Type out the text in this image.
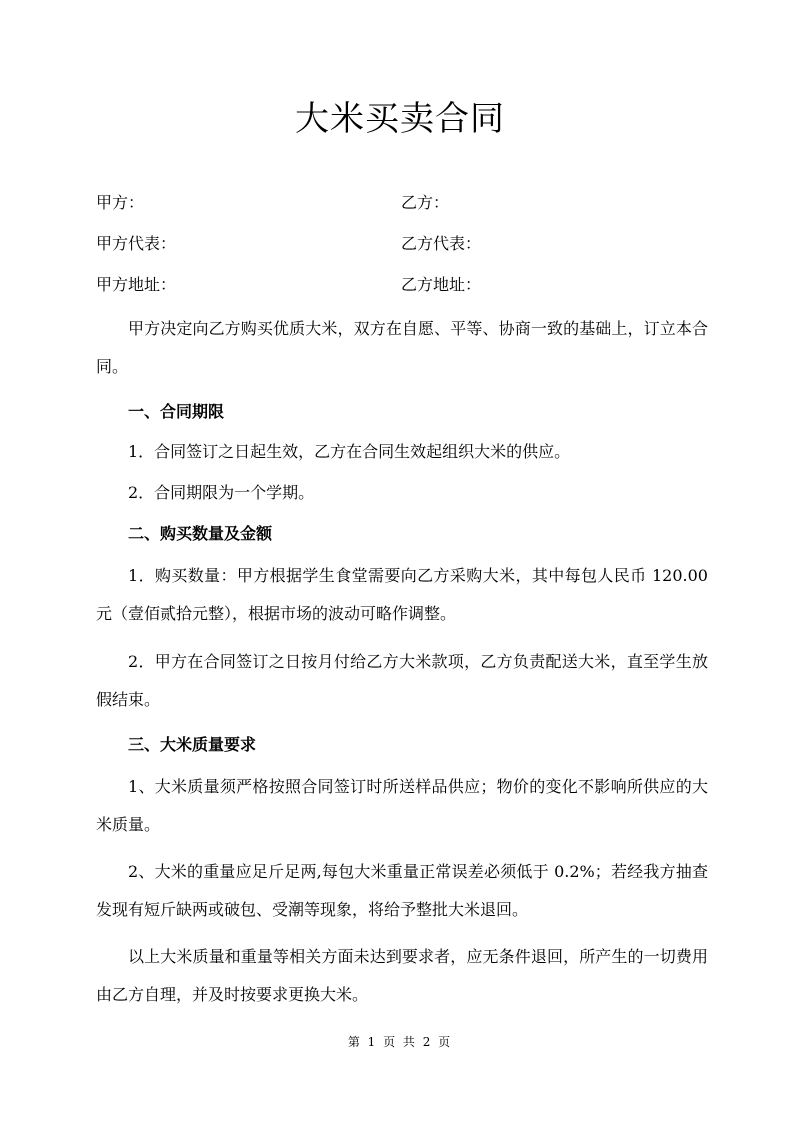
大米买卖合同
甲方：	乙方：
甲方代表：	乙方代表：
甲方地址：	乙方地址：

甲方决定向乙方购买优质大米，双方在自愿、平等、协商一致的基础上，订立本合同。

一、合同期限
1．合同签订之日起生效，乙方在合同生效起组织大米的供应。
2．合同期限为一个学期。
二、购买数量及金额

1．购买数量：甲方根据学生食堂需要向乙方采购大米，其中每包人民币 120.00 元（壹佰贰拾元整），根据市场的波动可略作调整。

2．甲方在合同签订之日按月付给乙方大米款项，乙方负责配送大米，直至学生放假结束。

三、大米质量要求

1、大米质量须严格按照合同签订时所送样品供应；物价的变化不影响所供应的大米质量。

2、大米的重量应足斤足两,每包大米重量正常误差必须低于 0.2%；若经我方抽查发现有短斤缺两或破包、受潮等现象，将给予整批大米退回。

以上大米质量和重量等相关方面未达到要求者，应无条件退回，所产生的一切费用由乙方自理，并及时按要求更换大米。

第 1 页 共 2 页
